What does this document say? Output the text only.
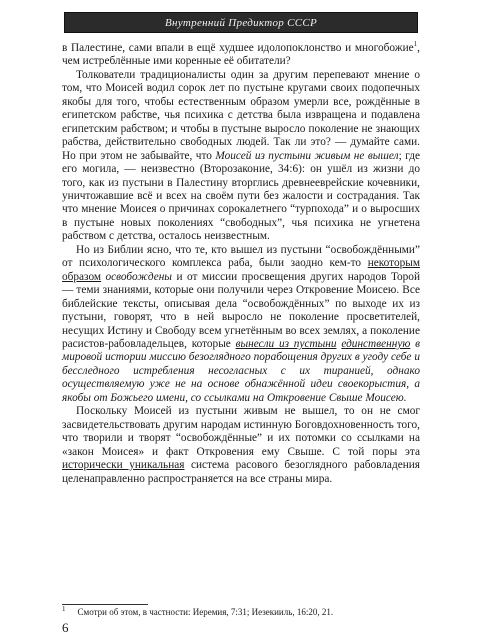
Внутренний Предиктор СССР

в Палестине, сами впали в ещё худшее идолопоклонство и многобожие$^1$, чем истреблённые ими коренные её обитатели?

Толкователи традиционалисты один за другим перепевают мнение о том, что Моисей водил сорок лет по пустыне кругами своих подопечных якобы для того, чтобы естественным образом умерли все, рождённые в египетском рабстве, чья психика с детства была извращена и подавлена египетским рабством; и чтобы в пустыне выросло поколение не знающих рабства, действительно свободных людей. Так ли это? — думайте сами. Но при этом не забывайте, что Моисей из пустыни живым не вышел; где его могила, — неизвестно (Второзаконие, 34:6): он ушёл из жизни до того, как из пустыни в Палестину вторглись древнееврейские кочевники, уничтожавшие всё и всех на своём пути без жалости и сострадания. Так что мнение Моисея о причинах сорокалетнего “турпохода” и о выросших в пустыне новых поколениях “свободных”, чья психика не угнетена рабством с детства, осталось неизвестным.

Но из Библии ясно, что те, кто вышел из пустыни “освобождёнными” от психологического комплекса раба, были заодно кем-то некоторым образом освобождены и от миссии просвещения других народов Торой — теми знаниями, которые они получили через Откровение Моисею. Все библейские тексты, описывая дела “освобождённых” по выходе их из пустыни, говорят, что в ней выросло не поколение просветителей, несущих Истину и Свободу всем угнетённым во всех землях, а поколение расистов-рабовладельцев, которые вынесли из пустыни единственную в мировой истории миссию безоглядного порабощения других в угоду себе и бесследного истребления несогласных с их тиранией, однако осуществляемую уже не на основе обнажённой идеи своекорыстия, а якобы от Божьего имени, со ссылками на Откровение Свыше Моисею.

Поскольку Моисей из пустыни живым не вышел, то он не смог засвидетельствовать другим народам истинную Боговдохновенность того, что творили и творят “освобождённые” и их потомки со ссылками на «закон Моисея» и факт Откровения ему Свыше. С той поры эта исторически уникальная система расового безоглядного рабовладения целенаправленно распространяется на все страны мира.

$^1$ Смотри об этом, в частности: Иеремия, 7:31; Иезекииль, 16:20, 21.
6
